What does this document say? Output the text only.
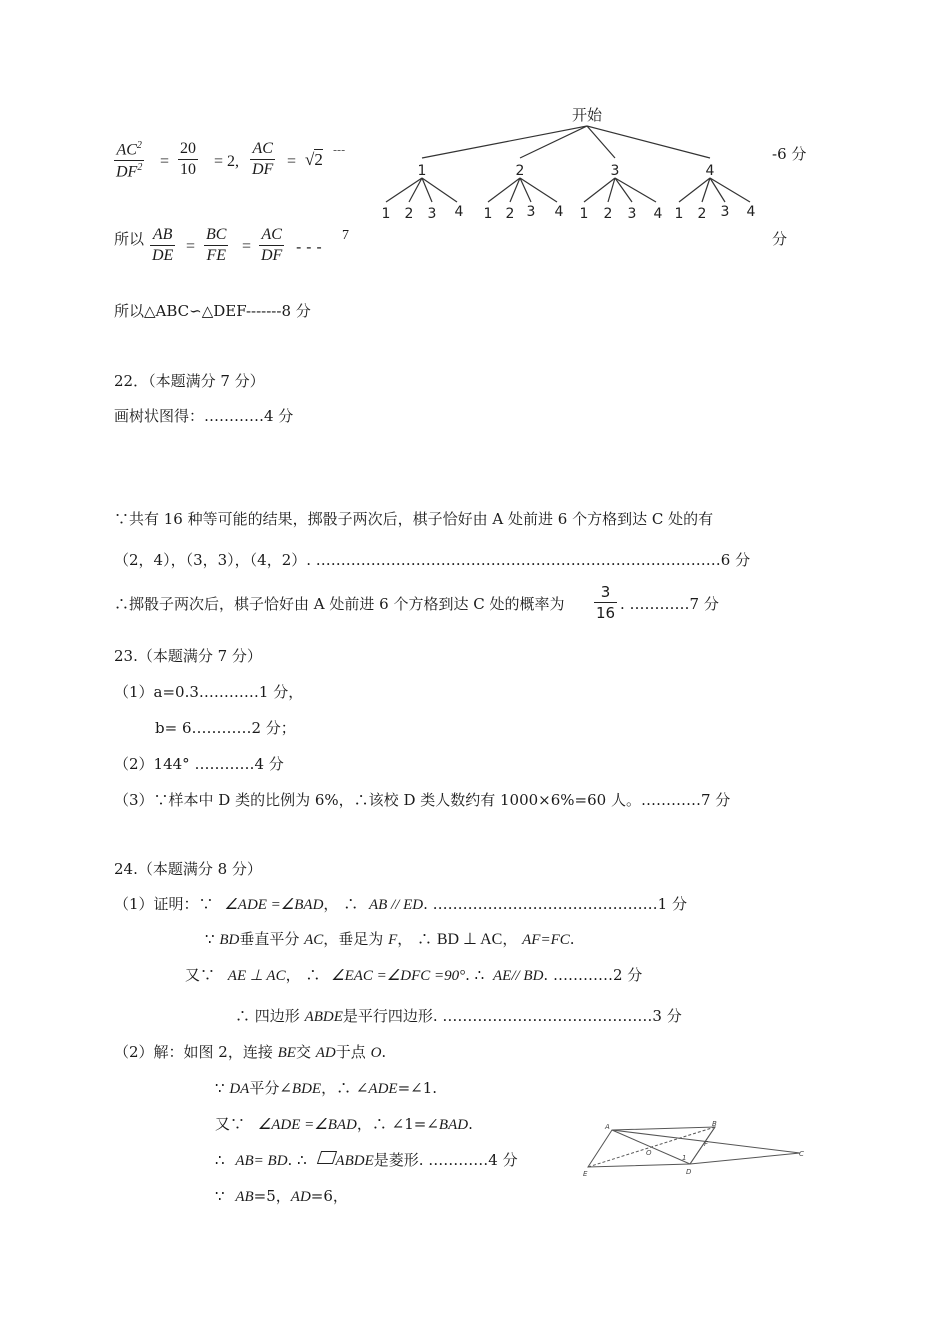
$AC^2$
$DF^2$ =
20
10 = 2,
AC
DF = √2 ---	-6 分
所以 AB
DE
=
BC
FE
=
AC
DF - - -
7	分
所以△ABC∽△DEF-------8 分
开始
1	2	3	4
1 2 3 4 1 2 3 4 1 2 3 4 1 2 3 4
22．（本题满分 7 分）
画树状图得：…………4 分
∵共有 16 种等可能的结果，掷骰子两次后，棋子恰好由 A 处前进 6 个方格到达 C 处的有
（2，4），（3，3），（4，2）. ………………………………………………………………………6 分
∴掷骰子两次后，棋子恰好由 A 处前进 6 个方格到达 C 处的概率为
3
16 . …………7 分
23.（本题满分 7 分）
（1）a=0.3…………1 分，
b= 6…………2 分；
（2）144° …………4 分
（3）∵样本中 D 类的比例为 6%，∴该校 D 类人数约有 1000×6%=60 人。…………7 分
24.（本题满分 8 分）
（1）证明：∵ ∠ADE =∠BAD， ∴ AB // ED. ………………………………………1 分
∵ BD垂直平分 AC，垂足为 F， ∴ BD ⊥ AC， AF=FC.
又∵ AE ⊥ AC， ∴ ∠EAC =∠DFC =90°. ∴ AE// BD. …………2 分
∴ 四边形 ABDE是平行四边形. ……………………………………3 分
（2）解：如图 2，连接 BE交 AD于点 O.
∵ DA平分∠BDE，∴ ∠ADE=∠1.
又∵ ∠ADE =∠BAD，∴ ∠1=∠BAD.
∴ AB= BD. ∴ ABDE是菱形. …………4 分
∵ AB=5，AD=6，
A	B
E	D
C
O
F
1
